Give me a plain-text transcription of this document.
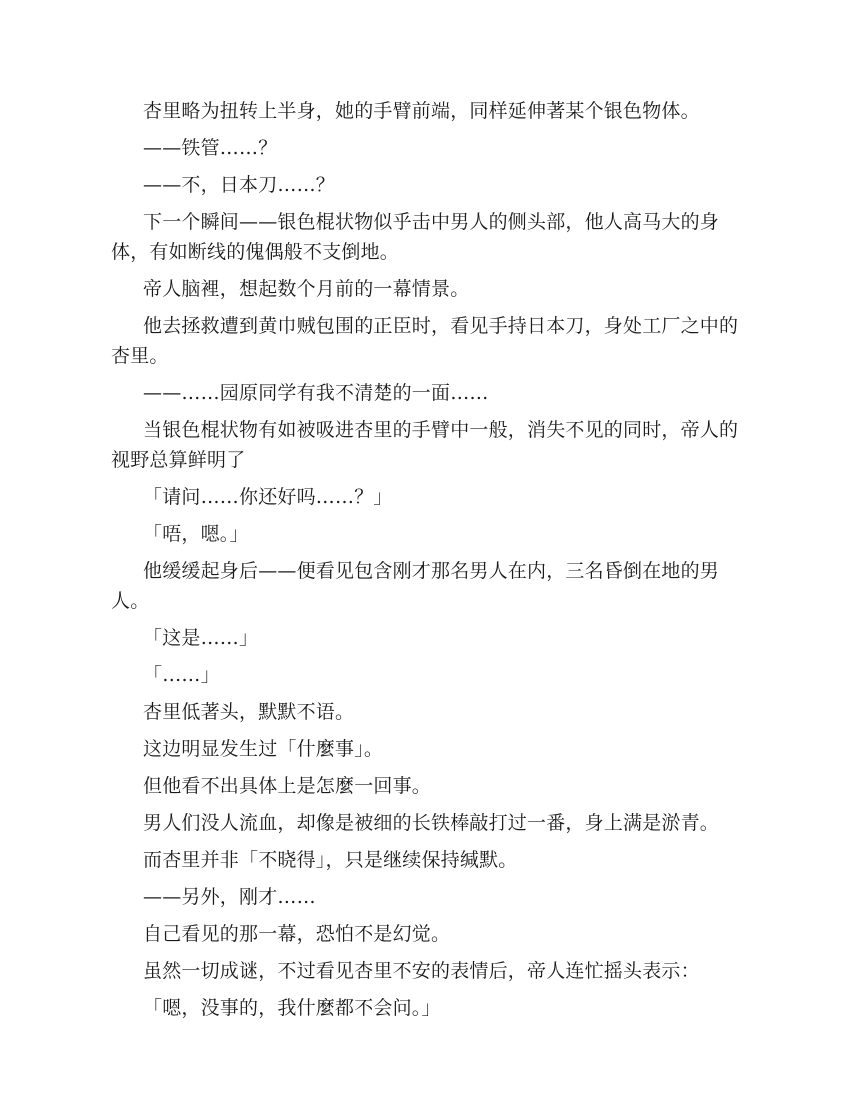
杏里略为扭转上半身，她的手臂前端，同样延伸著某个银色物体。

——铁管……？

——不，日本刀……？

下一个瞬间——银色棍状物似乎击中男人的侧头部，他人高马大的身体，有如断线的傀偶般不支倒地。

帝人脑裡，想起数个月前的一幕情景。

他去拯救遭到黄巾贼包围的正臣时，看见手持日本刀，身处工厂之中的杏里。

——……园原同学有我不清楚的一面……

当银色棍状物有如被吸进杏里的手臂中一般，消失不见的同时，帝人的视野总算鲜明了

「请问……你还好吗……？」

「唔，嗯。」

他缓缓起身后——便看见包含刚才那名男人在内，三名昏倒在地的男人。

「这是……」

「……」

杏里低著头，默默不语。

这边明显发生过「什麼事」。

但他看不出具体上是怎麼一回事。

男人们没人流血，却像是被细的长铁棒敲打过一番，身上满是淤青。

而杏里并非「不晓得」，只是继续保持缄默。

——另外，刚才……

自己看见的那一幕，恐怕不是幻觉。

虽然一切成谜，不过看见杏里不安的表情后，帝人连忙摇头表示：

「嗯，没事的，我什麼都不会问。」
